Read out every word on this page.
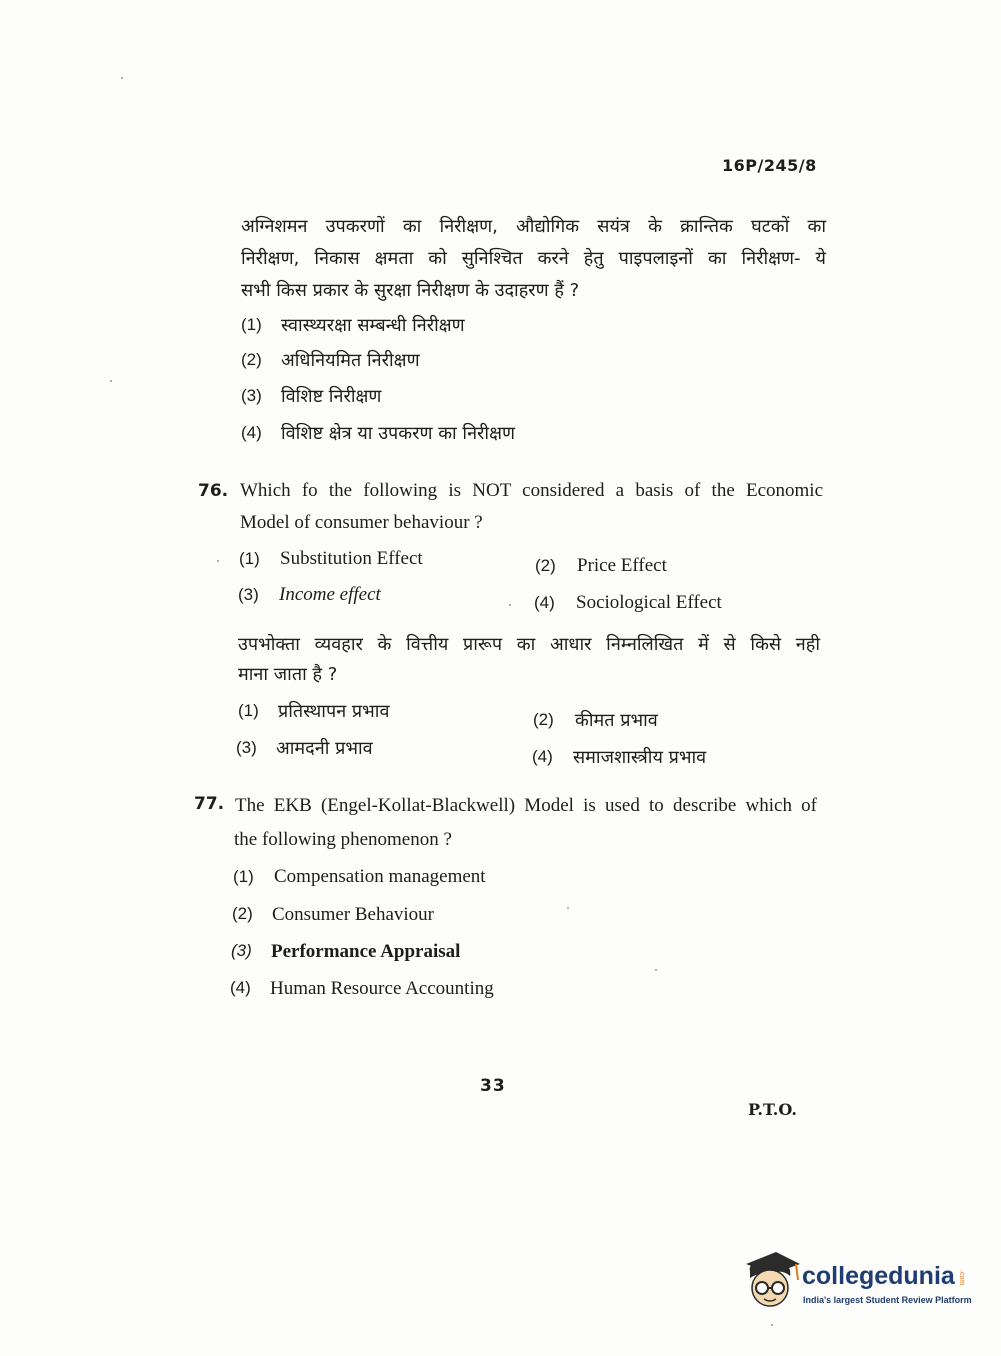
16P/245/8
अग्निशमन उपकरणों का निरीक्षण, औद्योगिक सयंत्र के क्रान्तिक घटकों का
निरीक्षण, निकास क्षमता को सुनिश्चित करने हेतु पाइपलाइनों का निरीक्षण- ये
सभी किस प्रकार के सुरक्षा निरीक्षण के उदाहरण हैं ?
(1) स्वास्थ्यरक्षा सम्बन्धी निरीक्षण
(2) अधिनियमित निरीक्षण
(3) विशिष्ट निरीक्षण
(4) विशिष्ट क्षेत्र या उपकरण का निरीक्षण
76. Which fo the following is NOT considered a basis of the Economic
Model of consumer behaviour ?
(1) Substitution Effect	(2) Price Effect
(3) Income effect	(4) Sociological Effect
उपभोक्ता व्यवहार के वित्तीय प्रारूप का आधार निम्नलिखित में से किसे नही
माना जाता है ?
(1) प्रतिस्थापन प्रभाव	(2) कीमत प्रभाव
(3) आमदनी प्रभाव	(4) समाजशास्त्रीय प्रभाव
77. The EKB (Engel-Kollat-Blackwell) Model is used to describe which of
the following phenomenon ?
(1) Compensation management
(2) Consumer Behaviour
(3) Performance Appraisal
(4) Human Resource Accounting
33
P.T.O.
collegedunia .com
India's largest Student Review Platform
